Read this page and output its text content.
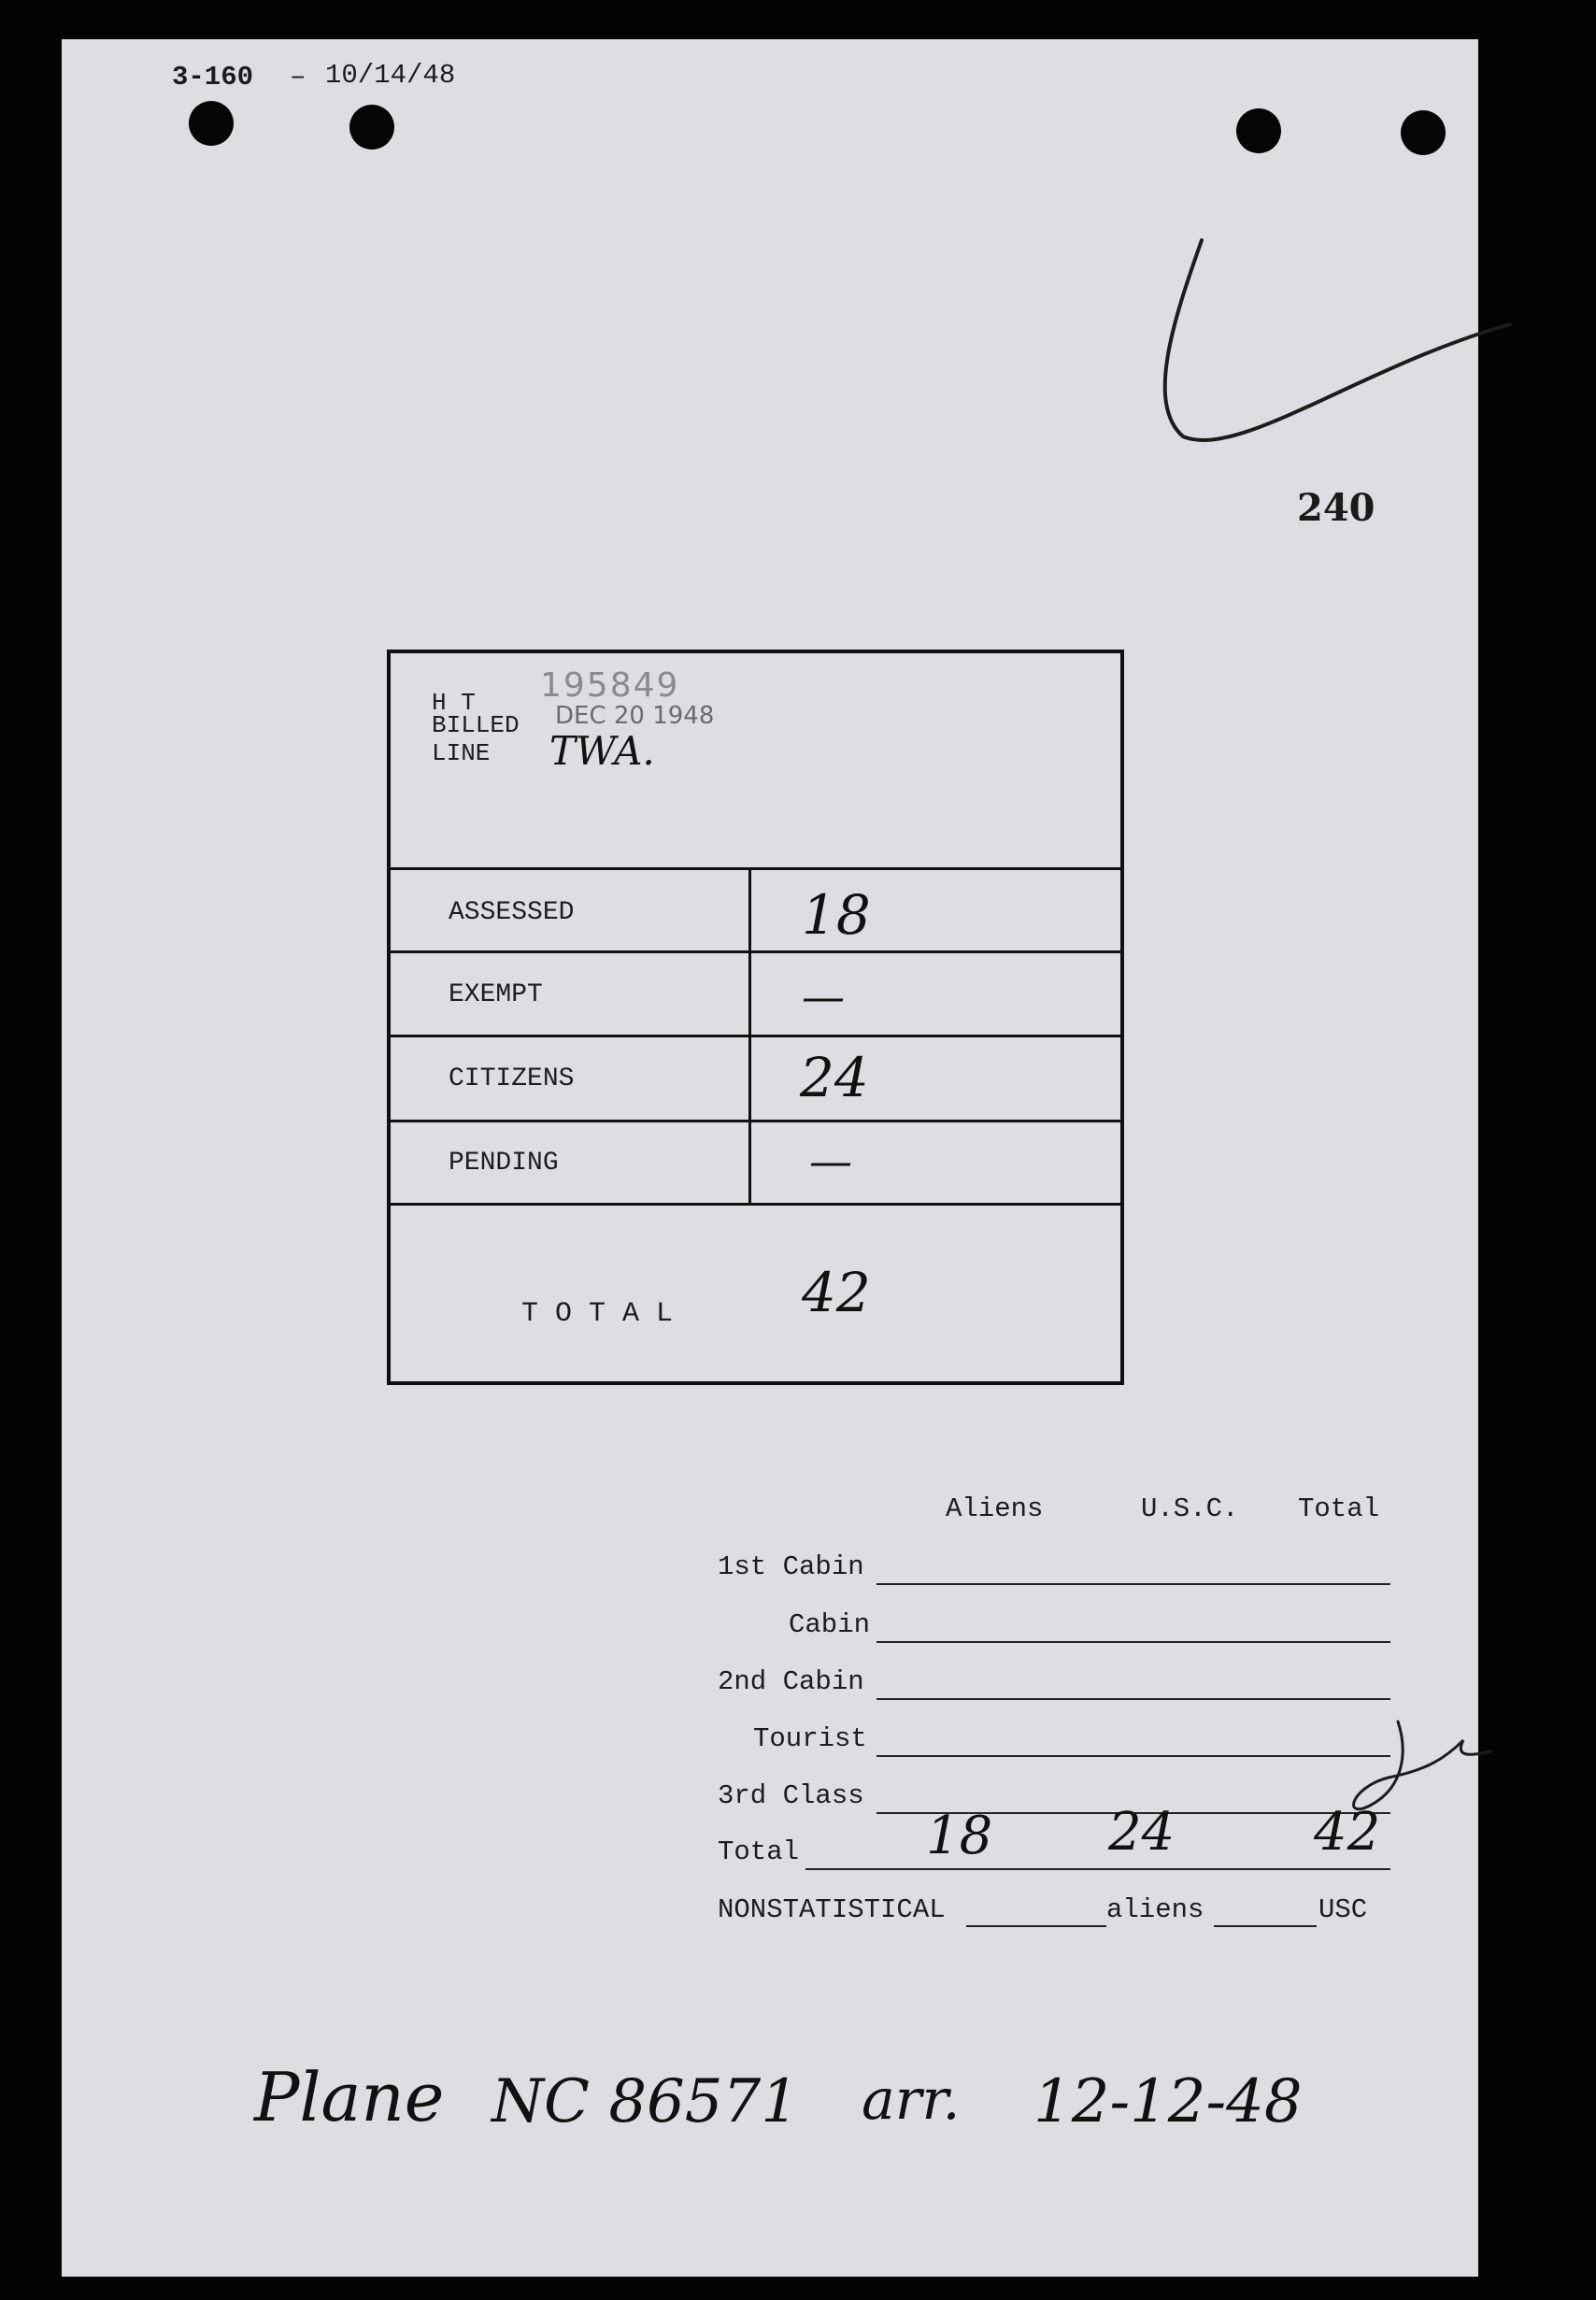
3-160 – 10/14/48
240
H T
BILLED
LINE
195849
DEC 20 1948
TWA.
ASSESSED	18
EXEMPT	—
CITIZENS	24
PENDING	—
T O T A L 42
Aliens	U.S.C. Total
1st Cabin
Cabin
2nd Cabin
Tourist
3rd Class
Total 18 24	42
NONSTATISTICAL	aliens	USC
Plane NC 86571 arr. 12-12-48
